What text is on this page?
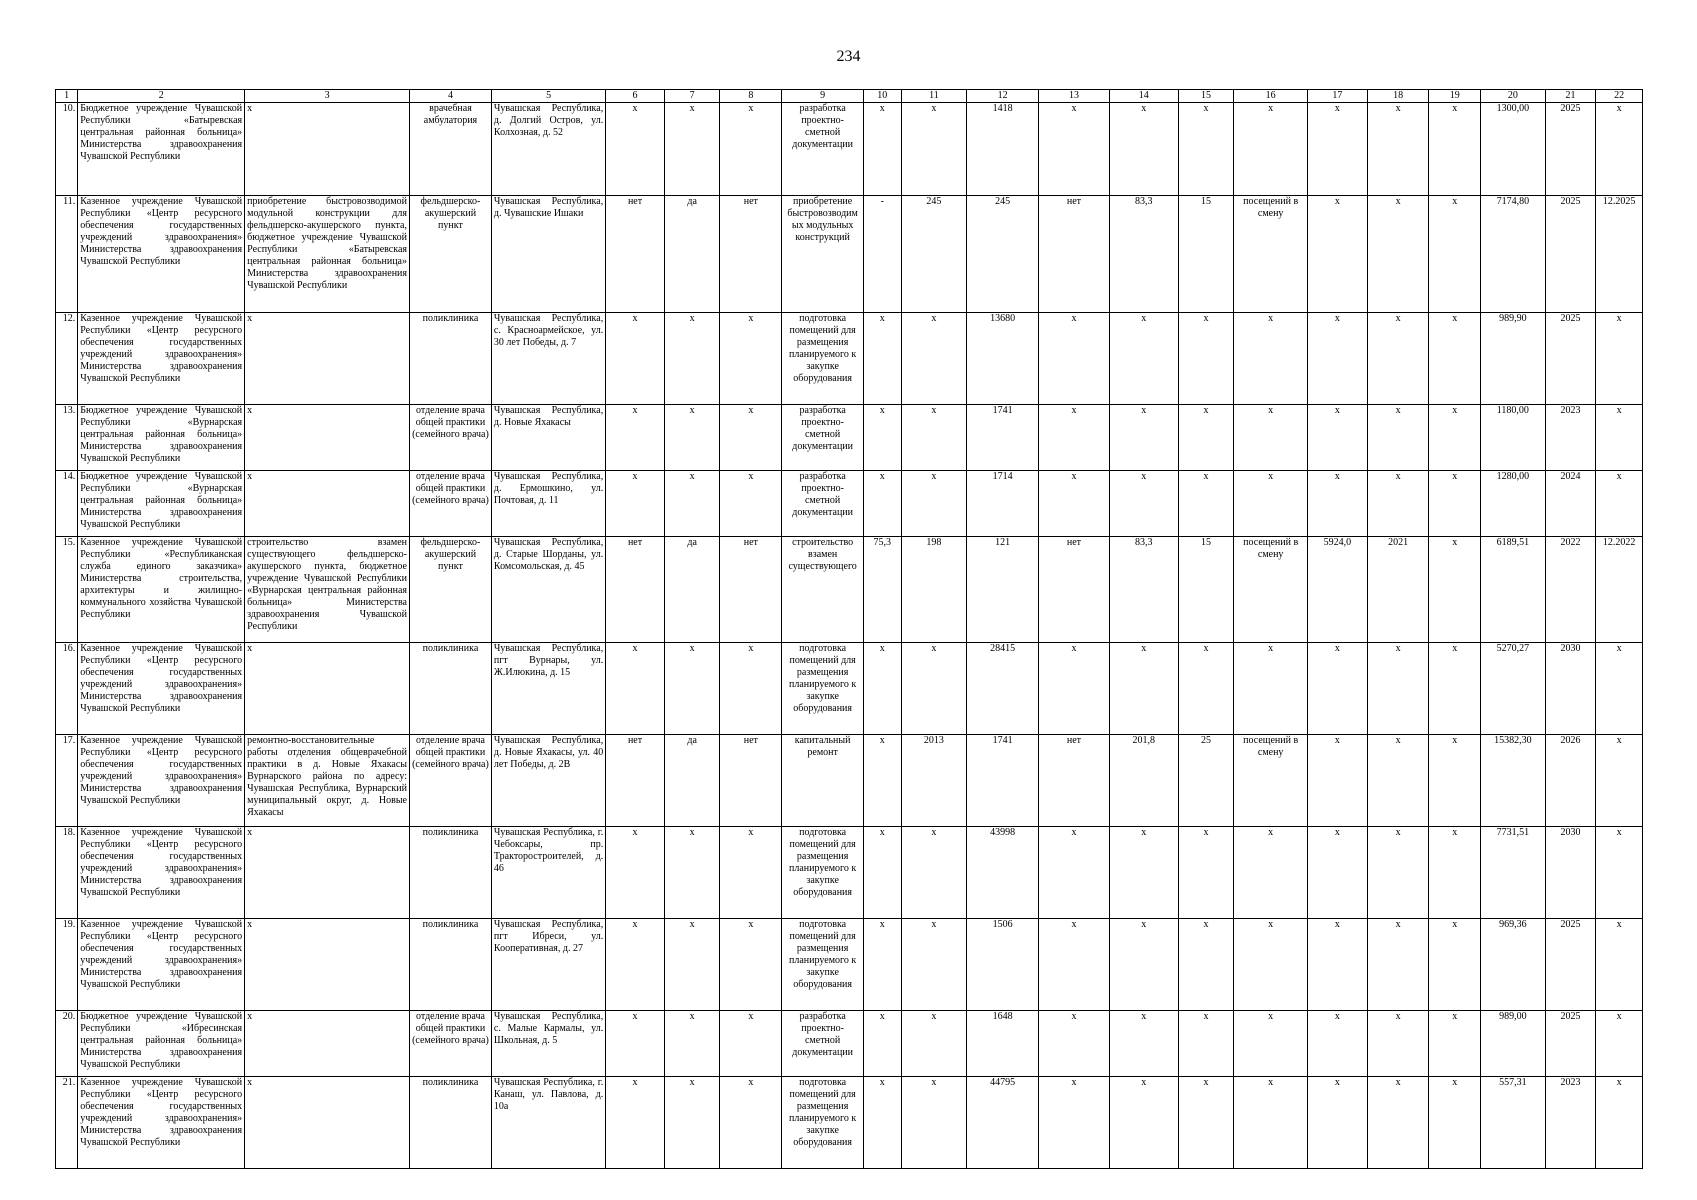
234
1	2	3	4	5	6	7	8	9	10	11	12	13	14	15	16	17	18	19	20	21	22
10.	Бюджетное учреждение Чувашской Республики «Батыревская центральная районная больница» Министерства здравоохранения Чувашской Республики	х	врачебная амбулатория	Чувашская Республика, д. Долгий Остров, ул. Колхозная, д. 52	х	х	х	разработка проектно-сметной документации	х	х	1418	х	х	х	х	х	х	х	1300,00	2025	х
11.	Казенное учреждение Чувашской Республики «Центр ресурсного обеспечения государственных учреждений здравоохранения» Министерства здравоохранения Чувашской Республики	приобретение быстровозводимой модульной конструкции для фельдшерско-акушерского пункта, бюджетное учреждение Чувашской Республики «Батыревская центральная районная больница» Министерства здравоохранения Чувашской Республики	фельдшерско-акушерский пункт	Чувашская Республика, д. Чувашские Ишаки	нет	да	нет	приобретение быстровозводимых модульных конструкций	-	245	245	нет	83,3	15	посещений в смену	х	х	х	7174,80	2025	12.2025
12.	Казенное учреждение Чувашской Республики «Центр ресурсного обеспечения государственных учреждений здравоохранения» Министерства здравоохранения Чувашской Республики	х	поликлиника	Чувашская Республика, с. Красноармейское, ул. 30 лет Победы, д. 7	х	х	х	подготовка помещений для размещения планируемого к закупке оборудования	х	х	13680	х	х	х	х	х	х	х	989,90	2025	х
13.	Бюджетное учреждение Чувашской Республики «Вурнарская центральная районная больница» Министерства здравоохранения Чувашской Республики	х	отделение врача общей практики (семейного врача)	Чувашская Республика, д. Новые Яхакасы	х	х	х	разработка проектно-сметной документации	х	х	1741	х	х	х	х	х	х	х	1180,00	2023	х
14.	Бюджетное учреждение Чувашской Республики «Вурнарская центральная районная больница» Министерства здравоохранения Чувашской Республики	х	отделение врача общей практики (семейного врача)	Чувашская Республика, д. Ермошкино, ул. Почтовая, д. 11	х	х	х	разработка проектно-сметной документации	х	х	1714	х	х	х	х	х	х	х	1280,00	2024	х
15.	Казенное учреждение Чувашской Республики «Республиканская служба единого заказчика» Министерства строительства, архитектуры и жилищно-коммунального хозяйства Чувашской Республики	строительство взамен существующего фельдшерско-акушерского пункта, бюджетное учреждение Чувашской Республики «Вурнарская центральная районная больница» Министерства здравоохранения Чувашской Республики	фельдшерско-акушерский пункт	Чувашская Республика, д. Старые Шорданы, ул. Комсомольская, д. 45	нет	да	нет	строительство взамен существующего	75,3	198	121	нет	83,3	15	посещений в смену	5924,0	2021	х	6189,51	2022	12.2022
16.	Казенное учреждение Чувашской Республики «Центр ресурсного обеспечения государственных учреждений здравоохранения» Министерства здравоохранения Чувашской Республики	х	поликлиника	Чувашская Республика, пгт Вурнары, ул. Ж.Илюкина, д. 15	х	х	х	подготовка помещений для размещения планируемого к закупке оборудования	х	х	28415	х	х	х	х	х	х	х	5270,27	2030	х
17.	Казенное учреждение Чувашской Республики «Центр ресурсного обеспечения государственных учреждений здравоохранения» Министерства здравоохранения Чувашской Республики	ремонтно-восстановительные работы отделения общеврачебной практики в д. Новые Яхакасы Вурнарского района по адресу: Чувашская Республика, Вурнарский муниципальный округ, д. Новые Яхакасы	отделение врача общей практики (семейного врача)	Чувашская Республика, д. Новые Яхакасы, ул. 40 лет Победы, д. 2В	нет	да	нет	капитальный ремонт	х	2013	1741	нет	201,8	25	посещений в смену	х	х	х	15382,30	2026	х
18.	Казенное учреждение Чувашской Республики «Центр ресурсного обеспечения государственных учреждений здравоохранения» Министерства здравоохранения Чувашской Республики	х	поликлиника	Чувашская Республика, г. Чебоксары, пр. Тракторостроителей, д. 46	х	х	х	подготовка помещений для размещения планируемого к закупке оборудования	х	х	43998	х	х	х	х	х	х	х	7731,51	2030	х
19.	Казенное учреждение Чувашской Республики «Центр ресурсного обеспечения государственных учреждений здравоохранения» Министерства здравоохранения Чувашской Республики	х	поликлиника	Чувашская Республика, пгт Ибреси, ул. Кооперативная, д. 27	х	х	х	подготовка помещений для размещения планируемого к закупке оборудования	х	х	1506	х	х	х	х	х	х	х	969,36	2025	х
20.	Бюджетное учреждение Чувашской Республики «Ибресинская центральная районная больница» Министерства здравоохранения Чувашской Республики	х	отделение врача общей практики (семейного врача)	Чувашская Республика, с. Малые Кармалы, ул. Школьная, д. 5	х	х	х	разработка проектно-сметной документации	х	х	1648	х	х	х	х	х	х	х	989,00	2025	х
21.	Казенное учреждение Чувашской Республики «Центр ресурсного обеспечения государственных учреждений здравоохранения» Министерства здравоохранения Чувашской Республики	х	поликлиника	Чувашская Республика, г. Канаш, ул. Павлова, д. 10а	х	х	х	подготовка помещений для размещения планируемого к закупке оборудования	х	х	44795	х	х	х	х	х	х	х	557,31	2023	х
